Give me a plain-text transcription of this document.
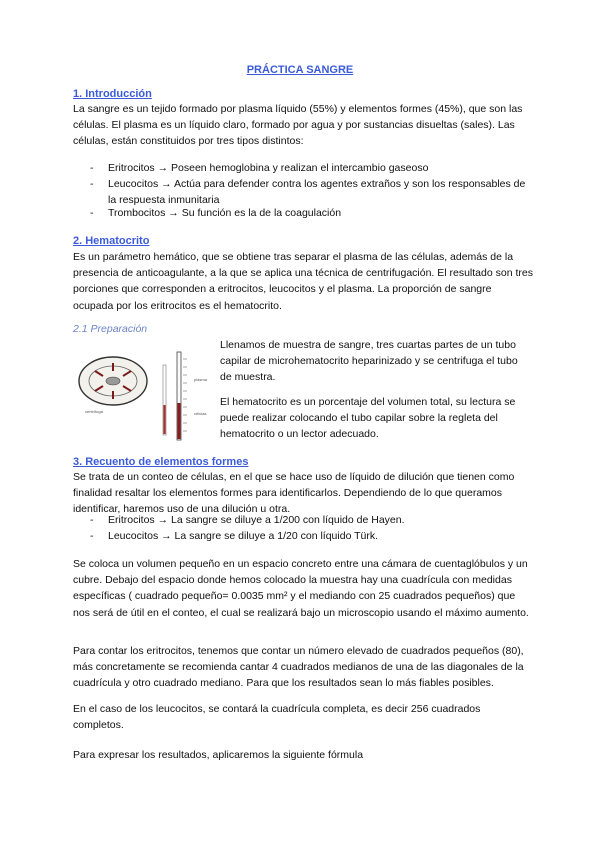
PRÁCTICA SANGRE
1. Introducción
La sangre es un tejido formado por plasma líquido (55%) y elementos formes (45%), que son las células. El plasma es un líquido claro, formado por agua y por sustancias disueltas (sales). Las células, están constituidos por tres tipos distintos:
- Eritrocitos → Poseen hemoglobina y realizan el intercambio gaseoso
- Leucocitos → Actúa para defender contra los agentes extraños y son los responsables de la respuesta inmunitaria
- Trombocitos → Su función es la de la coagulación
2. Hematocrito
Es un parámetro hemático, que se obtiene tras separar el plasma de las células, además de la presencia de anticoagulante, a la que se aplica una técnica de centrifugación. El resultado son tres porciones que corresponden a eritrocitos, leucocitos y el plasma. La proporción de sangre ocupada por los eritrocitos es el hematocrito.
2.1 Preparación
centrífuga
plasma
células
Llenamos de muestra de sangre, tres cuartas partes de un tubo capilar de microhematocrito heparinizado y se centrifuga el tubo de muestra.
El hematocrito es un porcentaje del volumen total, su lectura se puede realizar colocando el tubo capilar sobre la regleta del hematocrito o un lector adecuado.
3. Recuento de elementos formes
Se trata de un conteo de células, en el que se hace uso de líquido de dilución que tienen como finalidad resaltar los elementos formes para identificarlos. Dependiendo de lo que queramos identificar, haremos uso de una dilución u otra.
- Eritrocitos → La sangre se diluye a 1/200 con líquido de Hayen.
- Leucocitos → La sangre se diluye a 1/20 con líquido Türk.
Se coloca un volumen pequeño en un espacio concreto entre una cámara de cuentaglóbulos y un cubre. Debajo del espacio donde hemos colocado la muestra hay una cuadrícula con medidas específicas ( cuadrado pequeño= 0.0035 mm² y el mediando con 25 cuadrados pequeños) que nos será de útil en el conteo, el cual se realizará bajo un microscopio usando el máximo aumento.
Para contar los eritrocitos, tenemos que contar un número elevado de cuadrados pequeños (80), más concretamente se recomienda cantar 4 cuadrados medianos de una de las diagonales de la cuadrícula y otro cuadrado mediano. Para que los resultados sean lo más fiables posibles.
En el caso de los leucocitos, se contará la cuadrícula completa, es decir 256 cuadrados completos.
Para expresar los resultados, aplicaremos la siguiente fórmula
